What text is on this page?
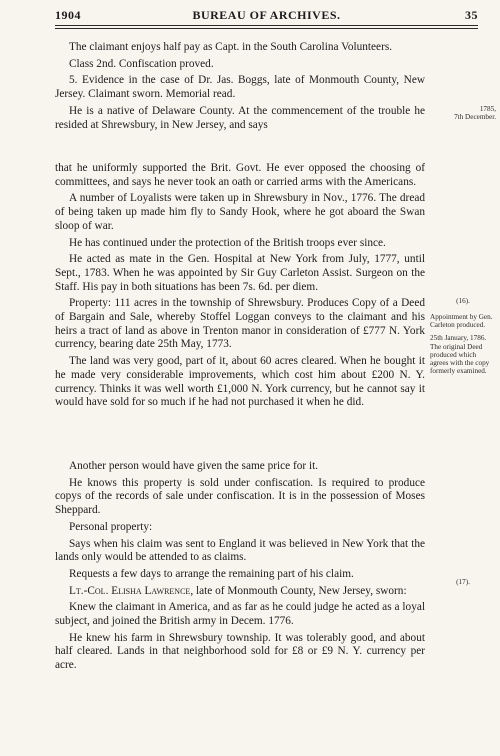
1904	BUREAU OF ARCHIVES.	35

The claimant enjoys half pay as Capt. in the South Carolina Volunteers.

Class 2nd. Confiscation proved.

5. Evidence in the case of Dr. Jas. Boggs, late of Monmouth County, New Jersey. Claimant sworn. Memorial read.

He is a native of Delaware County. At the commencement of the trouble he resided at Shrewsbury, in New Jersey, and says

that he uniformly supported the Brit. Govt. He ever opposed the choosing of committees, and says he never took an oath or carried arms with the Americans.

A number of Loyalists were taken up in Shrewsbury in Nov., 1776. The dread of being taken up made him fly to Sandy Hook, where he got aboard the Swan sloop of war.

He has continued under the protection of the British troops ever since.

He acted as mate in the Gen. Hospital at New York from July, 1777, until Sept., 1783. When he was appointed by Sir Guy Carleton Assist. Surgeon on the Staff. His pay in both situations has been 7s. 6d. per diem.

Property: 111 acres in the township of Shrewsbury. Produces Copy of a Deed of Bargain and Sale, whereby Stoffel Loggan conveys to the claimant and his heirs a tract of land as above in Trenton manor in consideration of £777 N. York currency, bearing date 25th May, 1773.

The land was very good, part of it, about 60 acres cleared. When he bought it he made very considerable improvements, which cost him about £200 N. Y. currency. Thinks it was well worth £1,000 N. York currency, but he cannot say it would have sold for so much if he had not purchased it when he did.

Another person would have given the same price for it.

He knows this property is sold under confiscation. Is required to produce copys of the records of sale under confiscation. It is in the possession of Moses Sheppard.

Personal property:

Says when his claim was sent to England it was believed in New York that the lands only would be attended to as claims.

Requests a few days to arrange the remaining part of his claim.

Lt.-Col. Elisha Lawrence, late of Monmouth County, New Jersey, sworn:

Knew the claimant in America, and as far as he could judge he acted as a loyal subject, and joined the British army in Decem. 1776.

He knew his farm in Shrewsbury township. It was tolerably good, and about half cleared. Lands in that neighborhood sold for £8 or £9 N. Y. currency per acre.

1785,
7th December.
(16).
Appointment by Gen. Carleton produced.
25th January, 1786.
The original Deed produced which agrees with the copy formerly examined.
(17).
